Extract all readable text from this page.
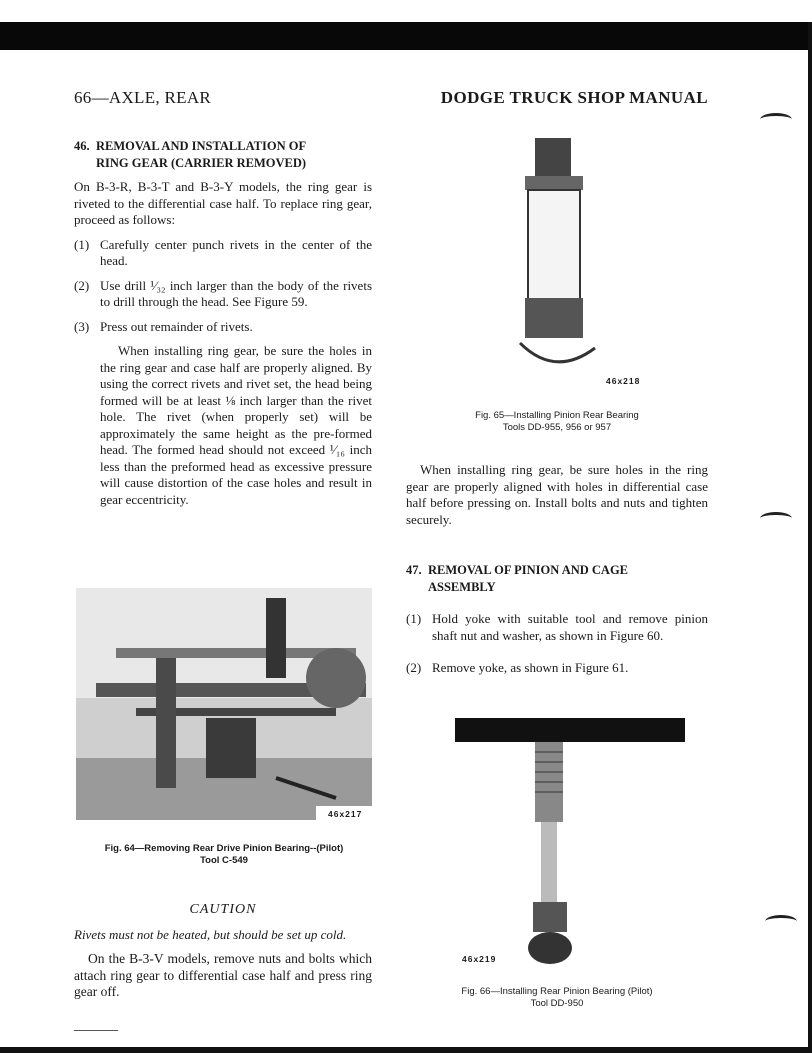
66—AXLE, REAR	DODGE TRUCK SHOP MANUAL
46. REMOVAL AND INSTALLATION OF
RING GEAR (CARRIER REMOVED)

On B-3-R, B-3-T and B-3-Y models, the ring gear is riveted to the differential case half. To replace ring gear, proceed as follows:

(1) Carefully center punch rivets in the center of the head.
(2) Use drill ¹⁄₃₂ inch larger than the body of the rivets to drill through the head. See Figure 59.
(3) Press out remainder of rivets.

When installing ring gear, be sure the holes in the ring gear and case half are properly aligned. By using the correct rivets and rivet set, the head being formed will be at least ⅛ inch larger than the rivet hole. The rivet (when properly set) will be approximately the same height as the pre-formed head. The formed head should not exceed ¹⁄₁₆ inch less than the preformed head as excessive pressure will cause distortion of the case holes and result in gear eccentricity.

46x217
Fig. 64—Removing Rear Drive Pinion Bearing--(Pilot)
Tool C-549
CAUTION

Rivets must not be heated, but should be set up cold.

On the B-3-V models, remove nuts and bolts which attach ring gear to differential case half and press ring gear off.

46x218
Fig. 65—Installing Pinion Rear Bearing
Tools DD-955, 956 or 957

When installing ring gear, be sure holes in the ring gear are properly aligned with holes in differential case half before pressing on. Install bolts and nuts and tighten securely.

47. REMOVAL OF PINION AND CAGE
ASSEMBLY
(1) Hold yoke with suitable tool and remove pinion shaft nut and washer, as shown in Figure 60.
(2) Remove yoke, as shown in Figure 61.
46x219
Fig. 66—Installing Rear Pinion Bearing (Pilot)
Tool DD-950
